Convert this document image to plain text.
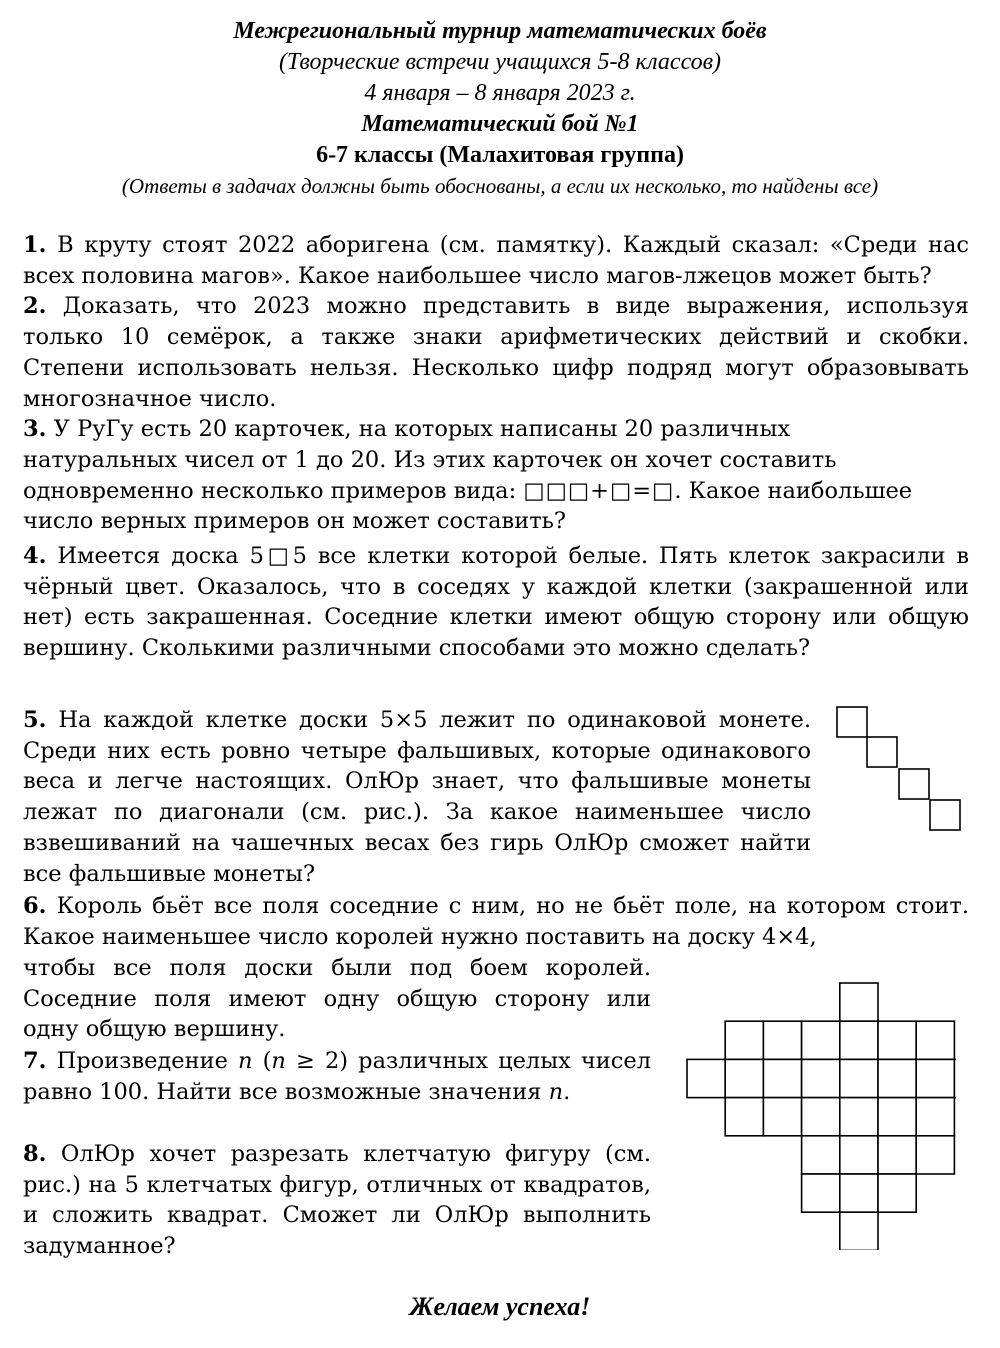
Межрегиональный турнир математических боёв

(Творческие встречи учащихся 5-8 классов)

4 января – 8 января 2023 г.

Математический бой №1

6-7 классы (Малахитовая группа)

(Ответы в задачах должны быть обоснованы, а если их несколько, то найдены все)

1. В круту стоят 2022 аборигена (см. памятку). Каждый сказал: «Среди нас всех половина магов». Какое наибольшее число магов-лжецов может быть?

2. Доказать, что 2023 можно представить в виде выражения, используя только 10 семёрок, а также знаки арифметических действий и скобки. Степени использовать нельзя. Несколько цифр подряд могут образовывать многозначное число.

3. У РуГу есть 20 карточек, на которых написаны 20 различных
натуральных чисел от 1 до 20. Из этих карточек он хочет составить
одновременно несколько примеров вида: □□□+□=□. Какое наибольшее
число верных примеров он может составить?

4. Имеется доска 5□5 все клетки которой белые. Пять клеток закрасили в чёрный цвет. Оказалось, что в соседях у каждой клетки (закрашенной или нет) есть закрашенная. Соседние клетки имеют общую сторону или общую вершину. Сколькими различными способами это можно сделать?

5. На каждой клетке доски 5×5 лежит по одинаковой монете. Среди них есть ровно четыре фальшивых, которые одинакового веса и легче настоящих. ОлЮр знает, что фальшивые монеты лежат по диагонали (см. рис.). За какое наименьшее число взвешиваний на чашечных весах без гирь ОлЮр сможет найти все фальшивые монеты?

6. Король бьёт все поля соседние с ним, но не бьёт поле, на котором стоит. Какое наименьшее число королей нужно поставить на доску 4×4,

чтобы все поля доски были под боем королей. Соседние поля имеют одну общую сторону или одну общую вершину.

7. Произведение n (n ≥ 2) различных целых чисел равно 100. Найти все возможные значения n.

8. ОлЮр хочет разрезать клетчатую фигуру (см. рис.) на 5 клетчатых фигур, отличных от квадратов, и сложить квадрат. Сможет ли ОлЮр выполнить задуманное?

Желаем успеха!
